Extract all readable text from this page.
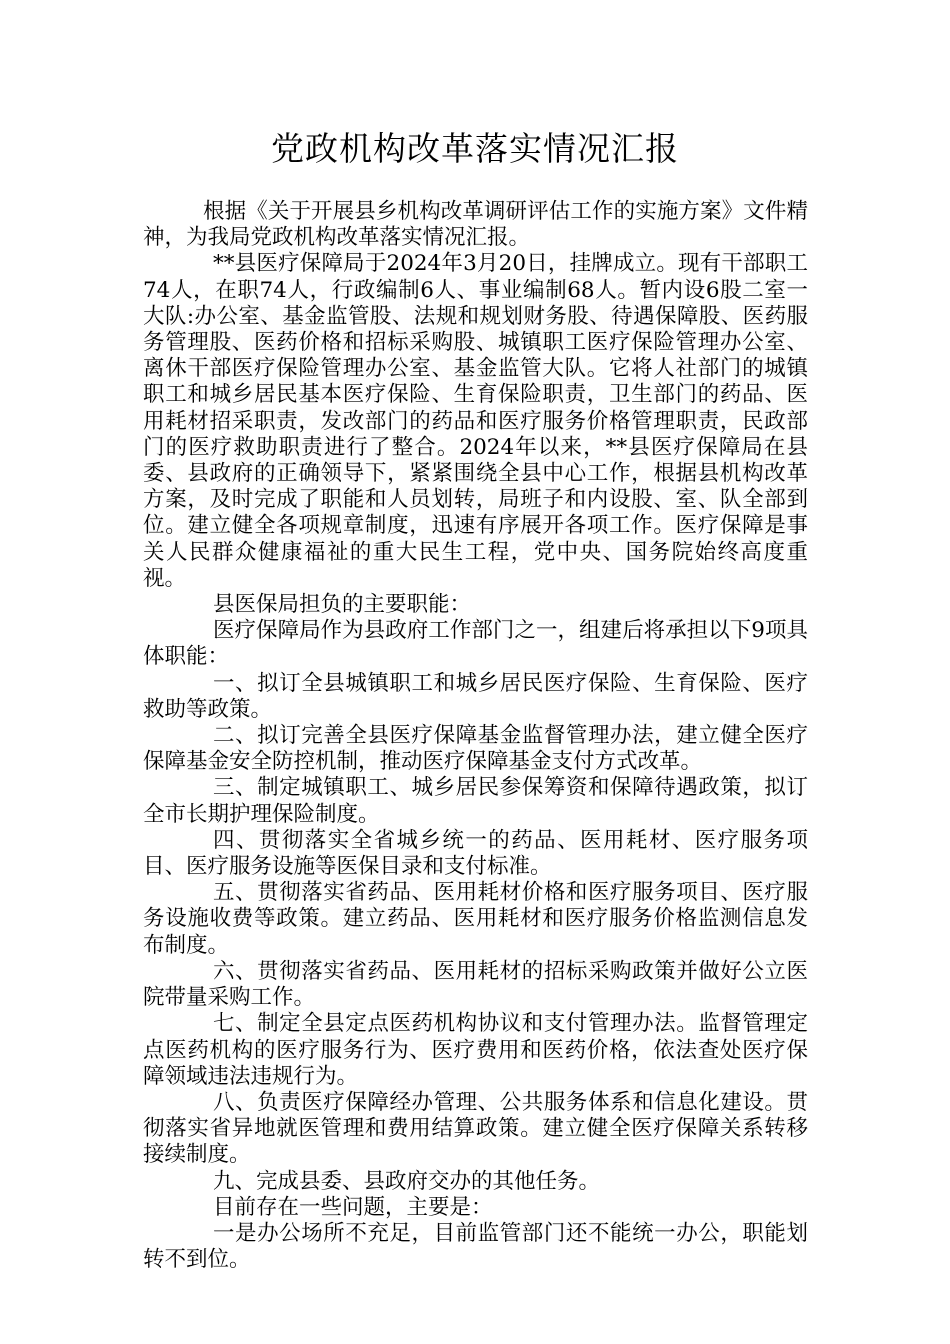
党政机构改革落实情况汇报

根据《关于开展县乡机构改革调研评估工作的实施方案》文件精神，为我局党政机构改革落实情况汇报。

**县医疗保障局于2024年3月20日，挂牌成立。现有干部职工74人，在职74人，行政编制6人、事业编制68人。暂内设6股二室一大队:办公室、基金监管股、法规和规划财务股、待遇保障股、医药服务管理股、医药价格和招标采购股、城镇职工医疗保险管理办公室、离休干部医疗保险管理办公室、基金监管大队。它将人社部门的城镇职工和城乡居民基本医疗保险、生育保险职责，卫生部门的药品、医用耗材招采职责，发改部门的药品和医疗服务价格管理职责，民政部门的医疗救助职责进行了整合。2024年以来，**县医疗保障局在县委、县政府的正确领导下，紧紧围绕全县中心工作，根据县机构改革方案，及时完成了职能和人员划转，局班子和内设股、室、队全部到位。建立健全各项规章制度，迅速有序展开各项工作。医疗保障是事关人民群众健康福祉的重大民生工程，党中央、国务院始终高度重视。

县医保局担负的主要职能：

医疗保障局作为县政府工作部门之一，组建后将承担以下9项具体职能：

一、拟订全县城镇职工和城乡居民医疗保险、生育保险、医疗救助等政策。

二、拟订完善全县医疗保障基金监督管理办法，建立健全医疗保障基金安全防控机制，推动医疗保障基金支付方式改革。

三、制定城镇职工、城乡居民参保筹资和保障待遇政策，拟订全市长期护理保险制度。

四、贯彻落实全省城乡统一的药品、医用耗材、医疗服务项目、医疗服务设施等医保目录和支付标准。

五、贯彻落实省药品、医用耗材价格和医疗服务项目、医疗服务设施收费等政策。建立药品、医用耗材和医疗服务价格监测信息发布制度。

六、贯彻落实省药品、医用耗材的招标采购政策并做好公立医院带量采购工作。

七、制定全县定点医药机构协议和支付管理办法。监督管理定点医药机构的医疗服务行为、医疗费用和医药价格，依法查处医疗保障领域违法违规行为。

八、负责医疗保障经办管理、公共服务体系和信息化建设。贯彻落实省异地就医管理和费用结算政策。建立健全医疗保障关系转移接续制度。

九、完成县委、县政府交办的其他任务。

目前存在一些问题，主要是：

一是办公场所不充足，目前监管部门还不能统一办公，职能划转不到位。
